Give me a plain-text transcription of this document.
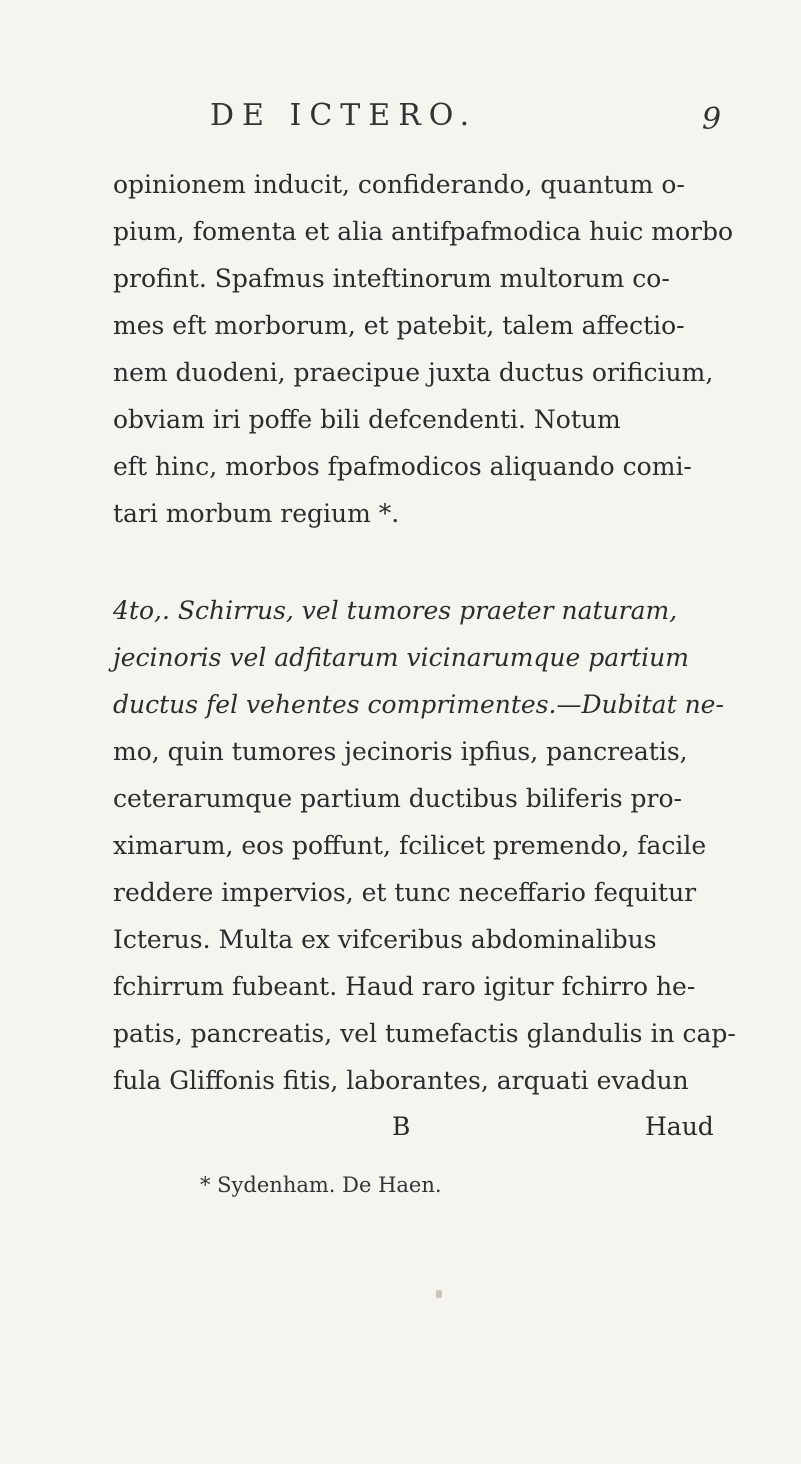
DE ICTERO.	9
opinionem inducit, confiderando, quantum o-
pium, fomenta et alia antifpafmodica huic morbo
profint. Spafmus inteftinorum multorum co-
mes eft morborum, et patebit, talem affectio-
nem duodeni, praecipue juxta ductus orificium,
obviam iri poffe bili defcendenti. Notum
eft hinc, morbos fpafmodicos aliquando comi-
tari morbum regium *.
4to,. Schirrus, vel tumores praeter naturam,
jecinoris vel adfitarum vicinarumque partium
ductus fel vehentes comprimentes.—Dubitat ne-
mo, quin tumores jecinoris ipfius, pancreatis,
ceterarumque partium ductibus biliferis pro-
ximarum, eos poffunt, fcilicet premendo, facile
reddere impervios, et tunc neceffario fequitur
Icterus. Multa ex vifceribus abdominalibus
fchirrum fubeant. Haud raro igitur fchirro he-
patis, pancreatis, vel tumefactis glandulis in cap-
fula Gliffonis fitis, laborantes, arquati evadun
B	Haud
* Sydenham. De Haen.
